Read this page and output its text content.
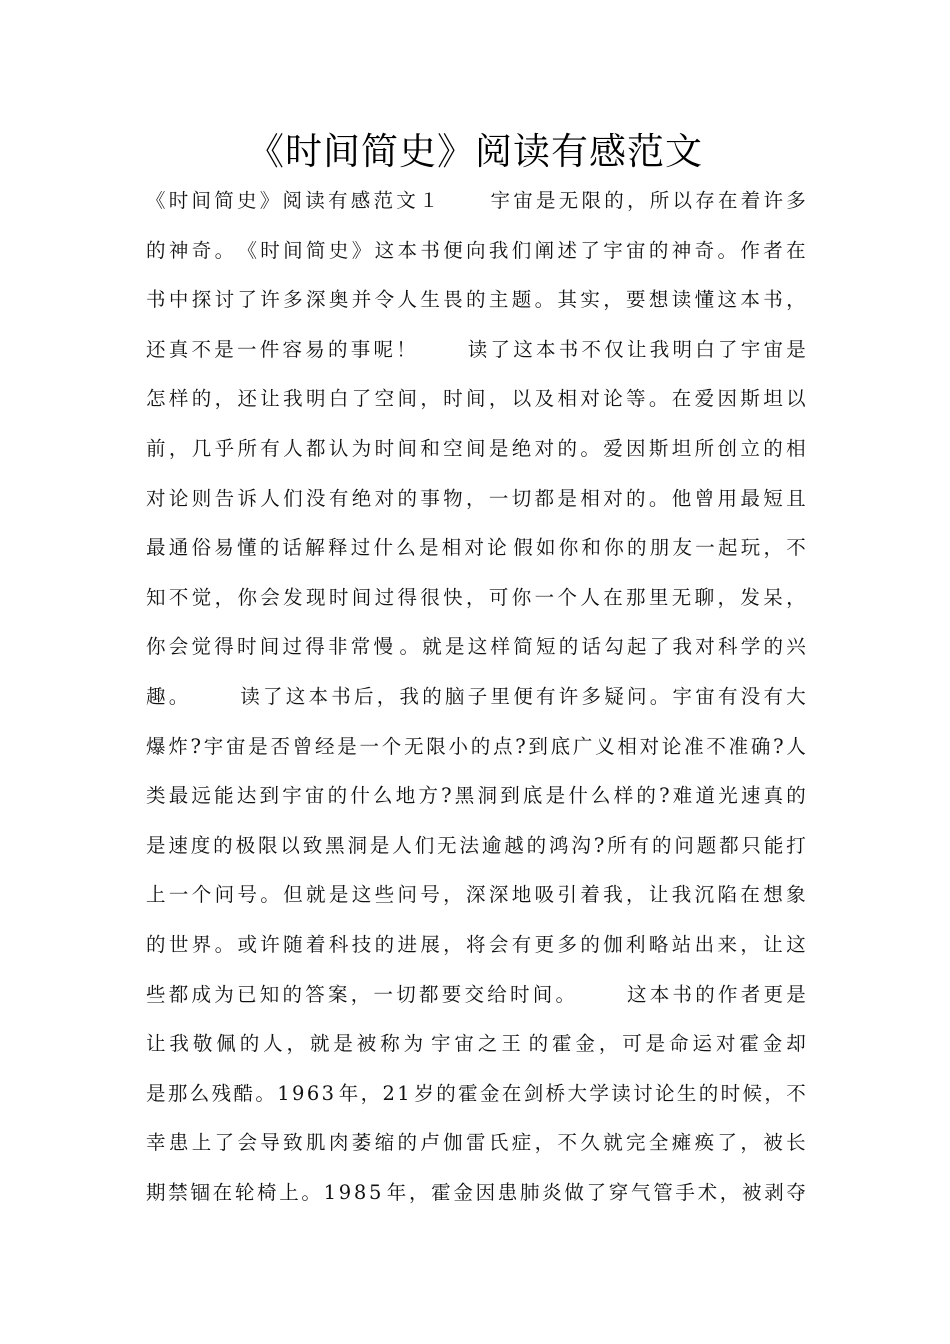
《时间简史》阅读有感范文
《 时 间 简 史 》 阅 读 有 感 范 文 １

　	宇 宙 是 无 限 的 ， 所 以 存 在 着 许 多
的 神 奇 。 《 时 间 简 史 》 这 本 书 便 向 我 们 阐 述 了 宇 宙 的 神 奇 。 作 者 在
书 中 探 讨 了 许 多 深 奥 并 令 人 生 畏 的 主 题 。 其 实 ， 要 想 读 懂 这 本 书 ，
还 真 不 是 一 件 容 易 的 事 呢 ！

　	读 了 这 本 书 不 仅 让 我 明 白 了 宇 宙 是
怎 样 的 ， 还 让 我 明 白 了 空 间 ， 时 间 ， 以 及 相 对 论 等 。 在 爱 因 斯 坦 以
前 ， 几 乎 所 有 人 都 认 为 时 间 和 空 间 是 绝 对 的 。 爱 因 斯 坦 所 创 立 的 相
对 论 则 告 诉 人 们 没 有 绝 对 的 事 物 ， 一 切 都 是 相 对 的 。 他 曾 用 最 短 且
最 通 俗 易 懂 的 话 解 释 过 什 么 是 相 对 论 假 如 你 和 你 的 朋 友 一 起 玩 ， 不
知 不 觉 ， 你 会 发 现 时 间 过 得 很 快 ， 可 你 一 个 人 在 那 里 无 聊 ， 发 呆 ，
你 会 觉 得 时 间 过 得 非 常 慢 。 就 是 这 样 简 短 的 话 勾 起 了 我 对 科 学 的 兴
趣 。

　	读 了 这 本 书 后 ， 我 的 脑 子 里 便 有 许 多 疑 问 。 宇 宙 有 没 有 大
爆 炸 ? 宇 宙 是 否 曾 经 是 一 个 无 限 小 的 点 ? 到 底 广 义 相 对 论 准 不 准 确 ? 人
类 最 远 能 达 到 宇 宙 的 什 么 地 方 ? 黑 洞 到 底 是 什 么 样 的 ? 难 道 光 速 真 的
是 速 度 的 极 限 以 致 黑 洞 是 人 们 无 法 逾 越 的 鸿 沟 ? 所 有 的 问 题 都 只 能 打
上 一 个 问 号 。 但 就 是 这 些 问 号 ， 深 深 地 吸 引 着 我 ， 让 我 沉 陷 在 想 象
的 世 界 。 或 许 随 着 科 技 的 进 展 ， 将 会 有 更 多 的 伽 利 略 站 出 来 ， 让 这
些 都 成 为 已 知 的 答 案 ， 一 切 都 要 交 给 时 间 。

　	这 本 书 的 作 者 更 是
让 我 敬 佩 的 人 ， 就 是 被 称 为 宇 宙 之 王 的 霍 金 ， 可 是 命 运 对 霍 金 却
是 那 么 残 酷 。 1 9 6 3 年 ， 2 1 岁 的 霍 金 在 剑 桥 大 学 读 讨 论 生 的 时 候 ， 不
幸 患 上 了 会 导 致 肌 肉 萎 缩 的 卢 伽 雷 氏 症 ， 不 久 就 完 全 瘫 痪 了 ， 被 长
期 禁 锢 在 轮 椅 上 。 1 9 8 5 年 ， 霍 金 因 患 肺 炎 做 了 穿 气 管 手 术 ， 被 剥 夺
